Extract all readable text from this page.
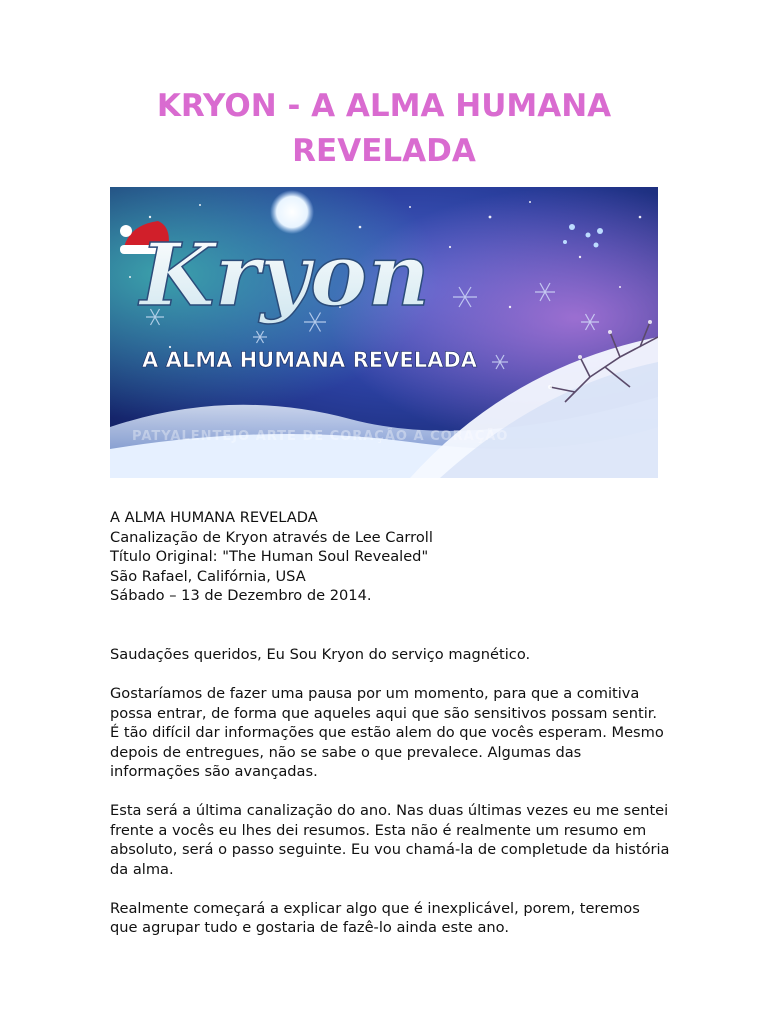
KRYON - A ALMA HUMANA
REVELADA
Kryon
A ALMA HUMANA REVELADA
PATYALENTEJO ARTE DE CORAÇÃO A CORAÇÃO
A ALMA HUMANA REVELADA
Canalização de Kryon através de Lee Carroll
Título Original: "The Human Soul Revealed"
São Rafael, Califórnia, USA
Sábado – 13 de Dezembro de 2014.

Saudações queridos, Eu Sou Kryon do serviço magnético.

Gostaríamos de fazer uma pausa por um momento, para que a comitiva possa entrar, de forma que aqueles aqui que são sensitivos possam sentir. É tão difícil dar informações que estão alem do que vocês esperam. Mesmo depois de entregues, não se sabe o que prevalece. Algumas das informações são avançadas.

Esta será a última canalização do ano. Nas duas últimas vezes eu me sentei frente a vocês eu lhes dei resumos. Esta não é realmente um resumo em absoluto, será o passo seguinte. Eu vou chamá-la de completude da história da alma.

Realmente começará a explicar algo que é inexplicável, porem, teremos que agrupar tudo e gostaria de fazê-lo ainda este ano.
